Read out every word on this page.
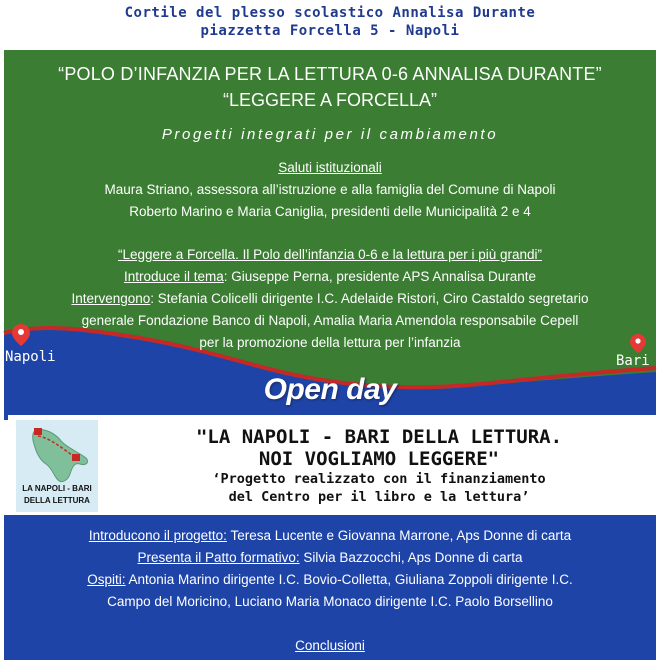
Cortile del plesso scolastico Annalisa Durante
piazzetta Forcella 5 - Napoli
“POLO D’INFANZIA PER LA LETTURA 0-6 ANNALISA DURANTE”
“LEGGERE A FORCELLA”
Progetti integrati per il cambiamento
Saluti istituzionali
Maura Striano, assessora all’istruzione e alla famiglia del Comune di Napoli
Roberto Marino e Maria Caniglia, presidenti delle Municipalità 2 e 4
“Leggere a Forcella. Il Polo dell’infanzia 0-6 e la lettura per i più grandi”
Introduce il tema: Giuseppe Perna, presidente APS Annalisa Durante
Intervengono: Stefania Colicelli dirigente I.C. Adelaide Ristori, Ciro Castaldo segretario
generale Fondazione Banco di Napoli, Amalia Maria Amendola responsabile Cepell
per la promozione della lettura per l’infanzia
Napoli	Bari
Open day
LA NAPOLI - BARI
DELLA LETTURA
"LA NAPOLI - BARI DELLA LETTURA.
NOI VOGLIAMO LEGGERE"
‘Progetto realizzato con il finanziamento
del Centro per il libro e la lettura’
Introducono il progetto: Teresa Lucente e Giovanna Marrone, Aps Donne di carta
Presenta il Patto formativo: Silvia Bazzocchi, Aps Donne di carta
Ospiti: Antonia Marino dirigente I.C. Bovio-Colletta, Giuliana Zoppoli dirigente I.C.
Campo del Moricino, Luciano Maria Monaco dirigente I.C. Paolo Borsellino
Conclusioni
